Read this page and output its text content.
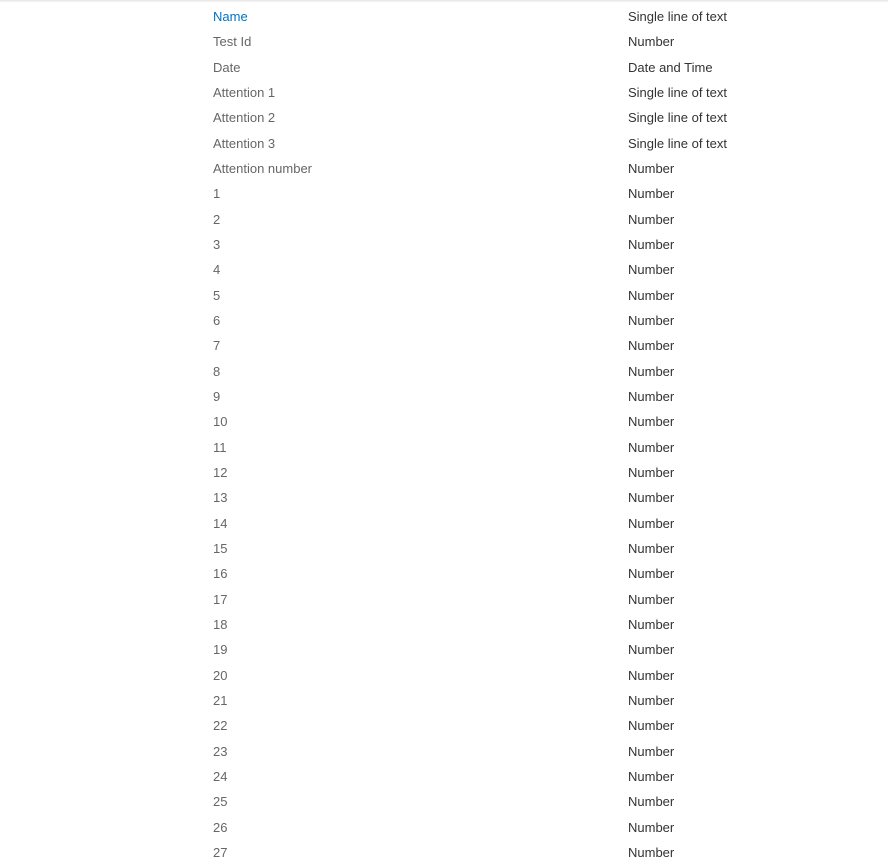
Name	Single line of text
Test Id	Number
Date	Date and Time
Attention 1	Single line of text
Attention 2	Single line of text
Attention 3	Single line of text
Attention number	Number
1	Number
2	Number
3	Number
4	Number
5	Number
6	Number
7	Number
8	Number
9	Number
10	Number
11	Number
12	Number
13	Number
14	Number
15	Number
16	Number
17	Number
18	Number
19	Number
20	Number
21	Number
22	Number
23	Number
24	Number
25	Number
26	Number
27	Number
